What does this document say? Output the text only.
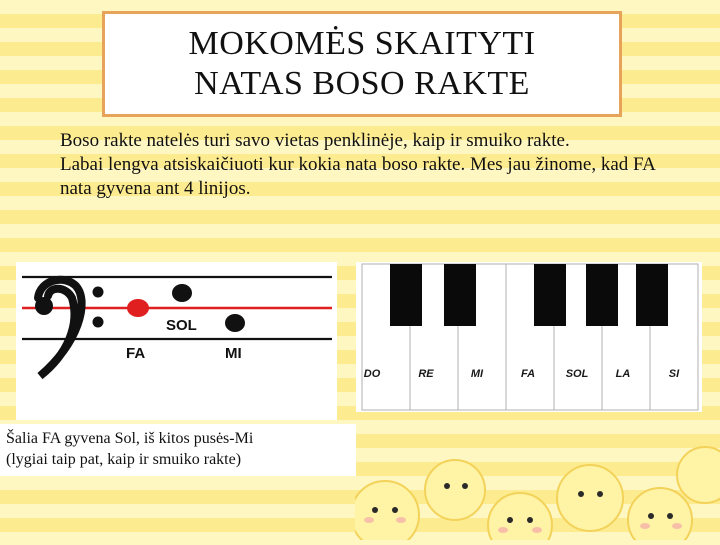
MOKOMĖS SKAITYTI
NATAS BOSO RAKTE

Boso rakte natelės turi savo vietas penklinėje, kaip ir smuiko rakte.

Labai lengva atsiskaičiuoti kur kokia nata boso rakte. Mes jau žinome, kad FA nata gyvena ant 4 linijos.

FA
SOL
MI
DO	RE	MI	FA	SOL LA	SI

Šalia FA gyvena Sol, iš kitos pusės-Mi

(lygiai taip pat, kaip ir smuiko rakte)
